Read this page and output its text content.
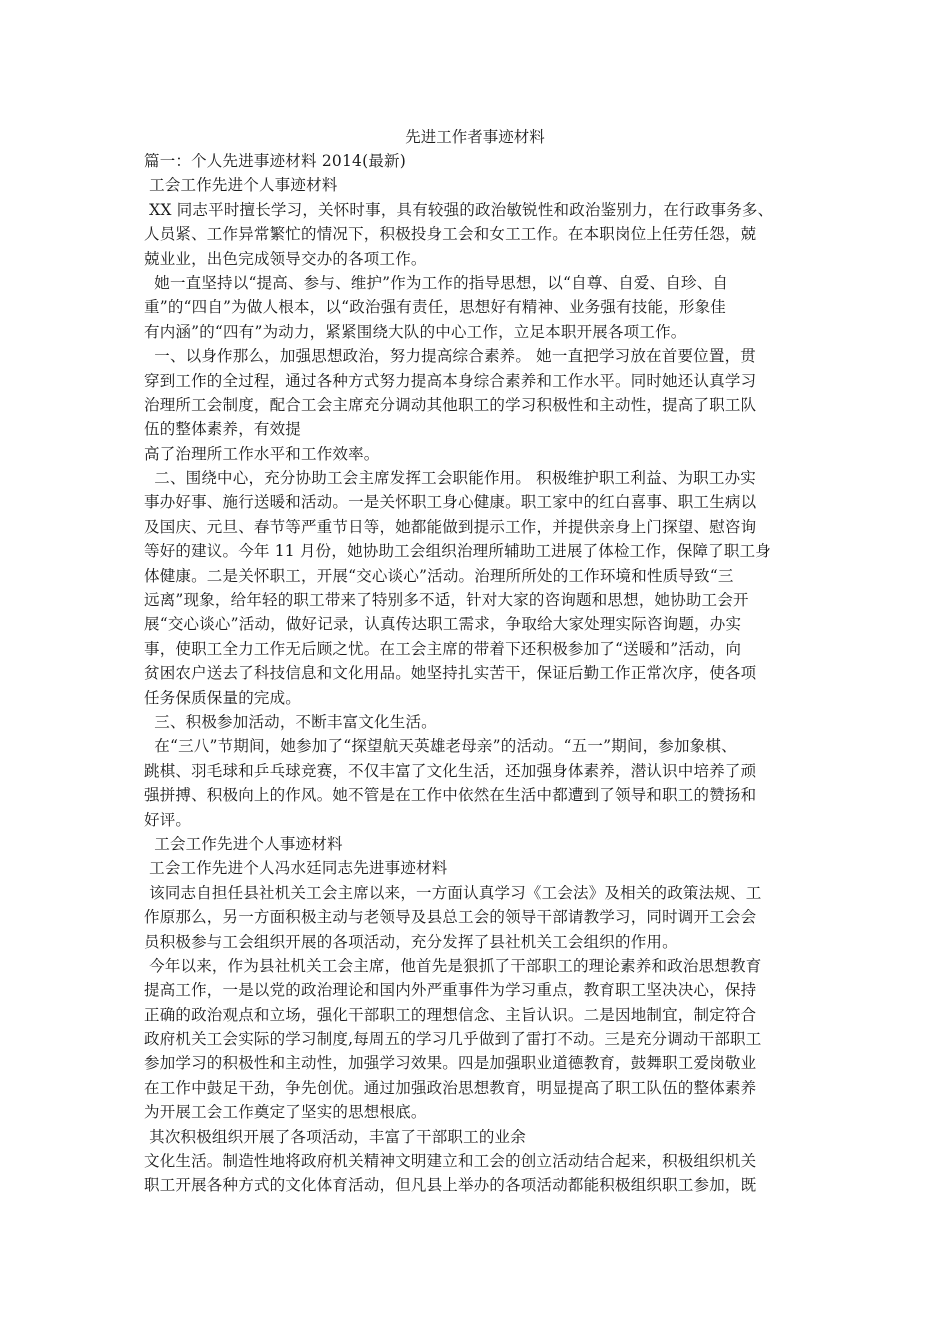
先进工作者事迹材料
篇一：个人先进事迹材料 2014(最新)
工会工作先进个人事迹材料
XX 同志平时擅长学习，关怀时事，具有较强的政治敏锐性和政治鉴别力，在行政事务多、
人员紧、工作异常繁忙的情况下，积极投身工会和女工工作。在本职岗位上任劳任怨，兢
兢业业，出色完成领导交办的各项工作。
她一直坚持以“提高、参与、维护”作为工作的指导思想，以“自尊、自爱、自珍、自
重”的“四自”为做人根本，以“政治强有责任，思想好有精神、业务强有技能，形象佳
有内涵”的“四有”为动力，紧紧围绕大队的中心工作，立足本职开展各项工作。
一、以身作那么，加强思想政治，努力提高综合素养。 她一直把学习放在首要位置，贯
穿到工作的全过程，通过各种方式努力提高本身综合素养和工作水平。同时她还认真学习
治理所工会制度，配合工会主席充分调动其他职工的学习积极性和主动性，提高了职工队
伍的整体素养，有效提
高了治理所工作水平和工作效率。
二、围绕中心，充分协助工会主席发挥工会职能作用。 积极维护职工利益、为职工办实
事办好事、施行送暖和活动。一是关怀职工身心健康。职工家中的红白喜事、职工生病以
及国庆、元旦、春节等严重节日等，她都能做到提示工作，并提供亲身上门探望、慰咨询
等好的建议。今年 11 月份，她协助工会组织治理所辅助工进展了体检工作，保障了职工身
体健康。二是关怀职工，开展“交心谈心”活动。治理所所处的工作环境和性质导致“三
远离”现象，给年轻的职工带来了特别多不适，针对大家的咨询题和思想，她协助工会开
展“交心谈心”活动，做好记录，认真传达职工需求，争取给大家处理实际咨询题，办实
事，使职工全力工作无后顾之忧。在工会主席的带着下还积极参加了“送暖和”活动，向
贫困农户送去了科技信息和文化用品。她坚持扎实苦干，保证后勤工作正常次序，使各项
任务保质保量的完成。
三、积极参加活动，不断丰富文化生活。
在“三八”节期间，她参加了“探望航天英雄老母亲”的活动。“五一”期间，参加象棋、
跳棋、羽毛球和乒乓球竞赛，不仅丰富了文化生活，还加强身体素养，潜认识中培养了顽
强拼搏、积极向上的作风。她不管是在工作中依然在生活中都遭到了领导和职工的赞扬和
好评。
工会工作先进个人事迹材料
工会工作先进个人冯水廷同志先进事迹材料
该同志自担任县社机关工会主席以来，一方面认真学习《工会法》及相关的政策法规、工
作原那么，另一方面积极主动与老领导及县总工会的领导干部请教学习，同时调开工会会
员积极参与工会组织开展的各项活动，充分发挥了县社机关工会组织的作用。
今年以来，作为县社机关工会主席，他首先是狠抓了干部职工的理论素养和政治思想教育
提高工作，一是以党的政治理论和国内外严重事件为学习重点，教育职工坚决决心，保持
正确的政治观点和立场，强化干部职工的理想信念、主旨认识。二是因地制宜，制定符合
政府机关工会实际的学习制度,每周五的学习几乎做到了雷打不动。三是充分调动干部职工
参加学习的积极性和主动性，加强学习效果。四是加强职业道德教育，鼓舞职工爱岗敬业
在工作中鼓足干劲，争先创优。通过加强政治思想教育，明显提高了职工队伍的整体素养
为开展工会工作奠定了坚实的思想根底。
其次积极组织开展了各项活动，丰富了干部职工的业余
文化生活。制造性地将政府机关精神文明建立和工会的创立活动结合起来，积极组织机关
职工开展各种方式的文化体育活动，但凡县上举办的各项活动都能积极组织职工参加，既
